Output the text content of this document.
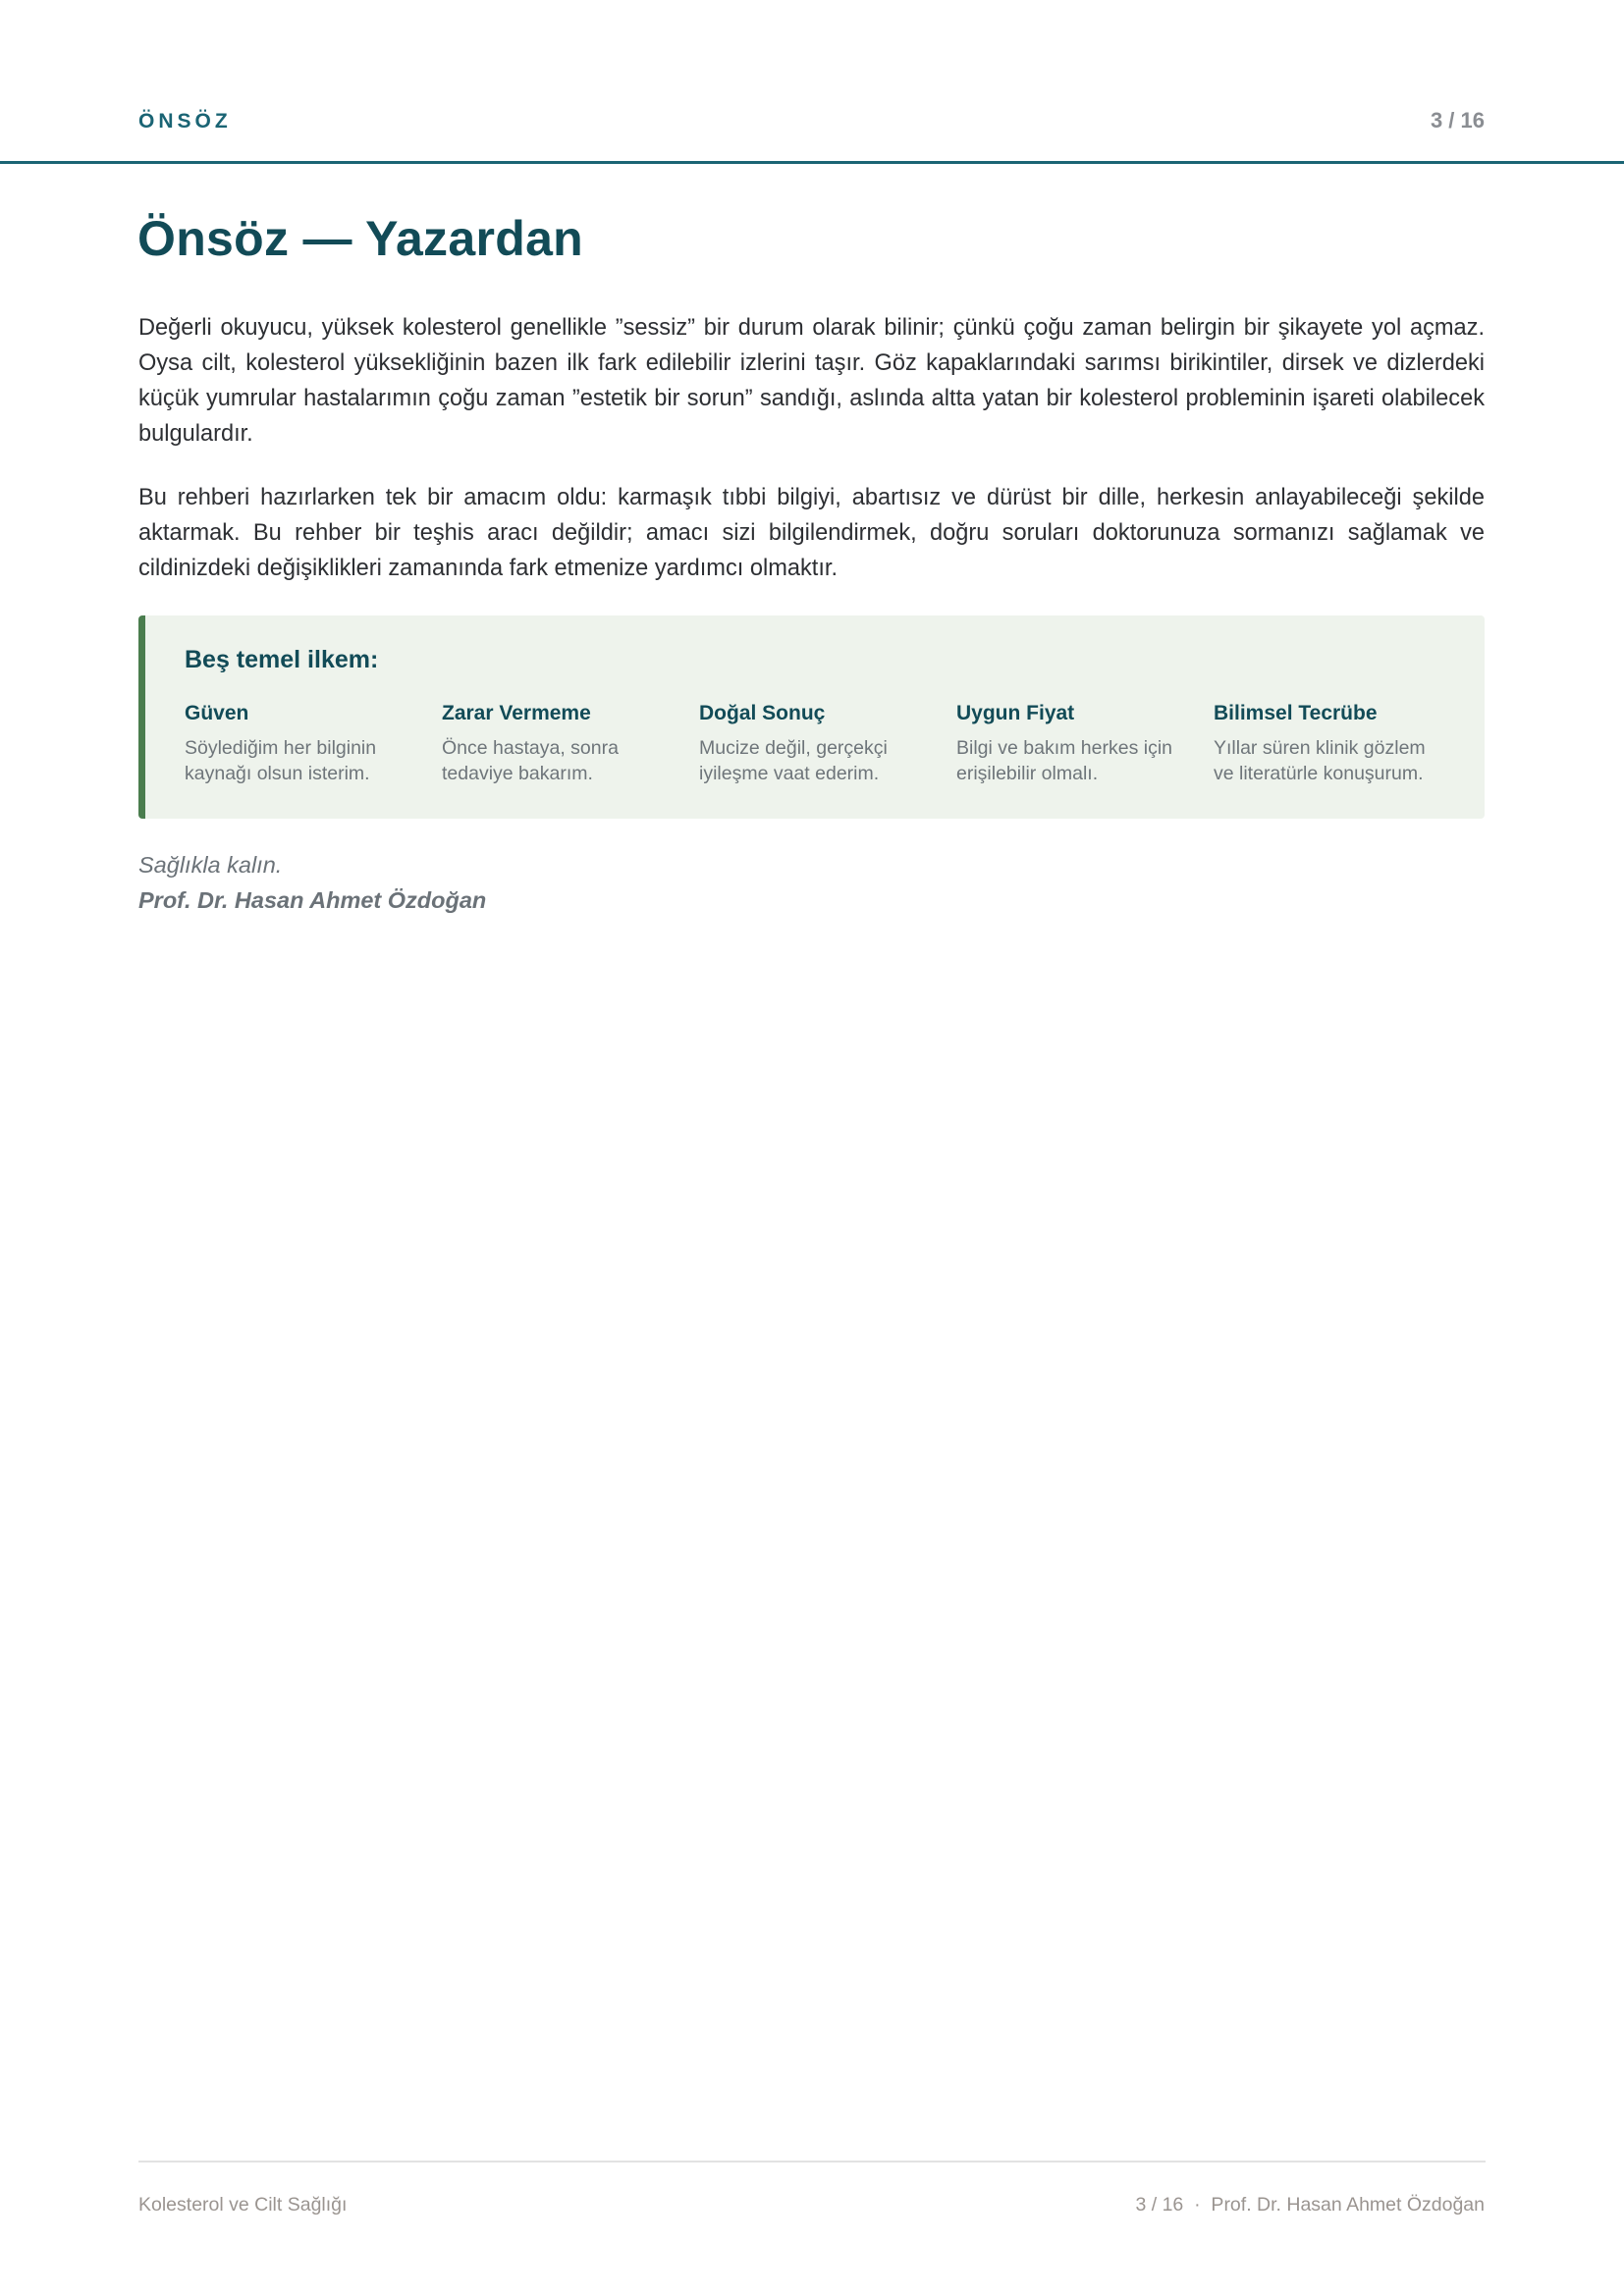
ÖNSÖZ	3 / 16
Önsöz — Yazardan

Değerli okuyucu, yüksek kolesterol genellikle ”sessiz” bir durum olarak bilinir; çünkü çoğu zaman belirgin bir şikayete yol açmaz. Oysa cilt, kolesterol yüksekliğinin bazen ilk fark edilebilir izlerini taşır. Göz kapaklarındaki sarımsı birikintiler, dirsek ve dizlerdeki küçük yumrular hastalarımın çoğu zaman ”estetik bir sorun” sandığı, aslında altta yatan bir kolesterol probleminin işareti olabilecek bulgulardır.

Bu rehberi hazırlarken tek bir amacım oldu: karmaşık tıbbi bilgiyi, abartısız ve dürüst bir dille, herkesin anlayabileceği şekilde aktarmak. Bu rehber bir teşhis aracı değildir; amacı sizi bilgilendirmek, doğru soruları doktorunuza sormanızı sağlamak ve cildinizdeki değişiklikleri zamanında fark etmenize yardımcı olmaktır.

Beş temel ilkem:
Güven
Söylediğim her bilginin
kaynağı olsun isterim.
Zarar Vermeme
Önce hastaya, sonra
tedaviye bakarım.
Doğal Sonuç
Mucize değil, gerçekçi
iyileşme vaat ederim.
Uygun Fiyat
Bilgi ve bakım herkes için
erişilebilir olmalı.
Bilimsel Tecrübe
Yıllar süren klinik gözlem
ve literatürle konuşurum.
Sağlıkla kalın.
Prof. Dr. Hasan Ahmet Özdoğan
Kolesterol ve Cilt Sağlığı	3 / 16  ·  Prof. Dr. Hasan Ahmet Özdoğan
